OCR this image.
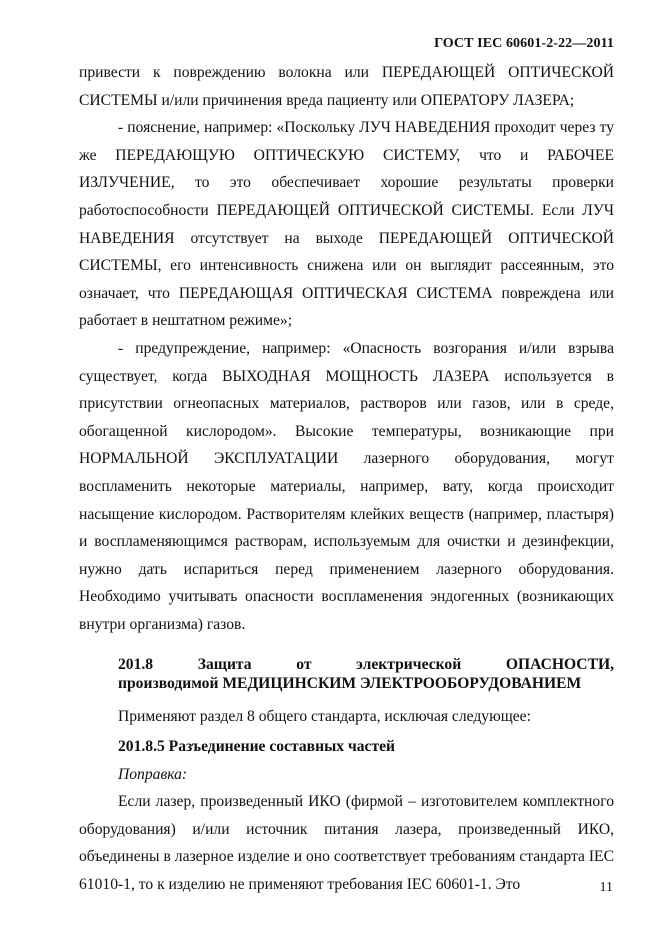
ГОСТ IEC 60601-2-22—2011

привести к повреждению волокна или ПЕРЕДАЮЩЕЙ ОПТИЧЕСКОЙ СИСТЕМЫ и/или причинения вреда пациенту или ОПЕРАТОРУ ЛАЗЕРА;

- пояснение, например: «Поскольку ЛУЧ НАВЕДЕНИЯ проходит через ту же ПЕРЕДАЮЩУЮ ОПТИЧЕСКУЮ СИСТЕМУ, что и РАБОЧЕЕ ИЗЛУЧЕНИЕ, то это обеспечивает хорошие результаты проверки работоспособности ПЕРЕДАЮЩЕЙ ОПТИЧЕСКОЙ СИСТЕМЫ. Если ЛУЧ НАВЕДЕНИЯ отсутствует на выходе ПЕРЕДАЮЩЕЙ ОПТИЧЕСКОЙ СИСТЕМЫ, его интенсивность снижена или он выглядит рассеянным, это означает, что ПЕРЕДАЮЩАЯ ОПТИЧЕСКАЯ СИСТЕМА повреждена или работает в нештатном режиме»;

- предупреждение, например: «Опасность возгорания и/или взрыва существует, когда ВЫХОДНАЯ МОЩНОСТЬ ЛАЗЕРА используется в присутствии огнеопасных материалов, растворов или газов, или в среде, обогащенной кислородом». Высокие температуры, возникающие при НОРМАЛЬНОЙ ЭКСПЛУАТАЦИИ лазерного оборудования, могут воспламенить некоторые материалы, например, вату, когда происходит насыщение кислородом. Растворителям клейких веществ (например, пластыря) и воспламеняющимся растворам, используемым для очистки и дезинфекции, нужно дать испариться перед применением лазерного оборудования. Необходимо учитывать опасности воспламенения эндогенных (возникающих внутри организма) газов.

201.8 Защита от электрической ОПАСНОСТИ,
производимой МЕДИЦИНСКИМ ЭЛЕКТРООБОРУДОВАНИЕМ

Применяют раздел 8 общего стандарта, исключая следующее:

201.8.5 Разъединение составных частей

Поправка:

Если лазер, произведенный ИКО (фирмой – изготовителем комплектного оборудования) и/или источник питания лазера, произведенный ИКО, объединены в лазерное изделие и оно соответствует требованиям стандарта IEC 61010-1, то к изделию не применяют требования IEC 60601-1. Это	11
